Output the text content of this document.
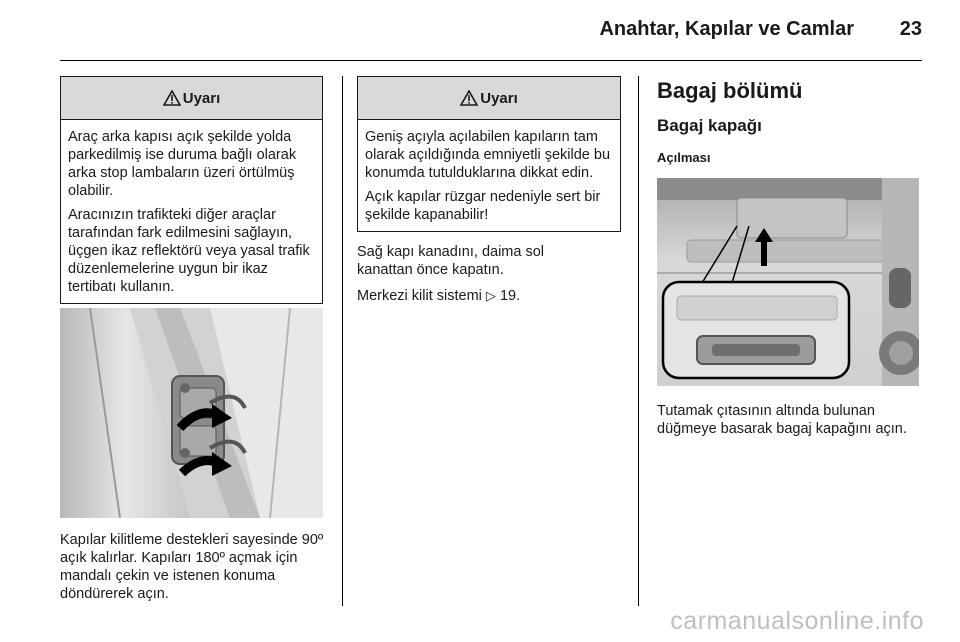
Anahtar, Kapılar ve Camlar 23
Uyarı

Araç arka kapısı açık şekilde yolda parkedilmiş ise duruma bağlı olarak arka stop lambaların üzeri örtülmüş olabilir.

Aracınızın trafikteki diğer araçlar tarafından fark edilmesini sağlayın, üçgen ikaz reflektörü veya yasal trafik düzenlemelerine uygun bir ikaz tertibatı kullanın.

Kapılar kilitleme destekleri sayesinde 90º açık kalırlar. Kapıları 180º açmak için mandalı çekin ve istenen konuma döndürerek açın.

Uyarı

Geniş açıyla açılabilen kapıların tam olarak açıldığında emniyetli şekilde bu konumda tutulduklarına dikkat edin.

Açık kapılar rüzgar nedeniyle sert bir şekilde kapanabilir!

Sağ kapı kanadını, daima sol kanattan önce kapatın.

Merkezi kilit sistemi ▷ 19.

Bagaj bölümü

Bagaj kapağı

Açılması

Tutamak çıtasının altında bulunan düğmeye basarak bagaj kapağını açın.

carmanualsonline.info
